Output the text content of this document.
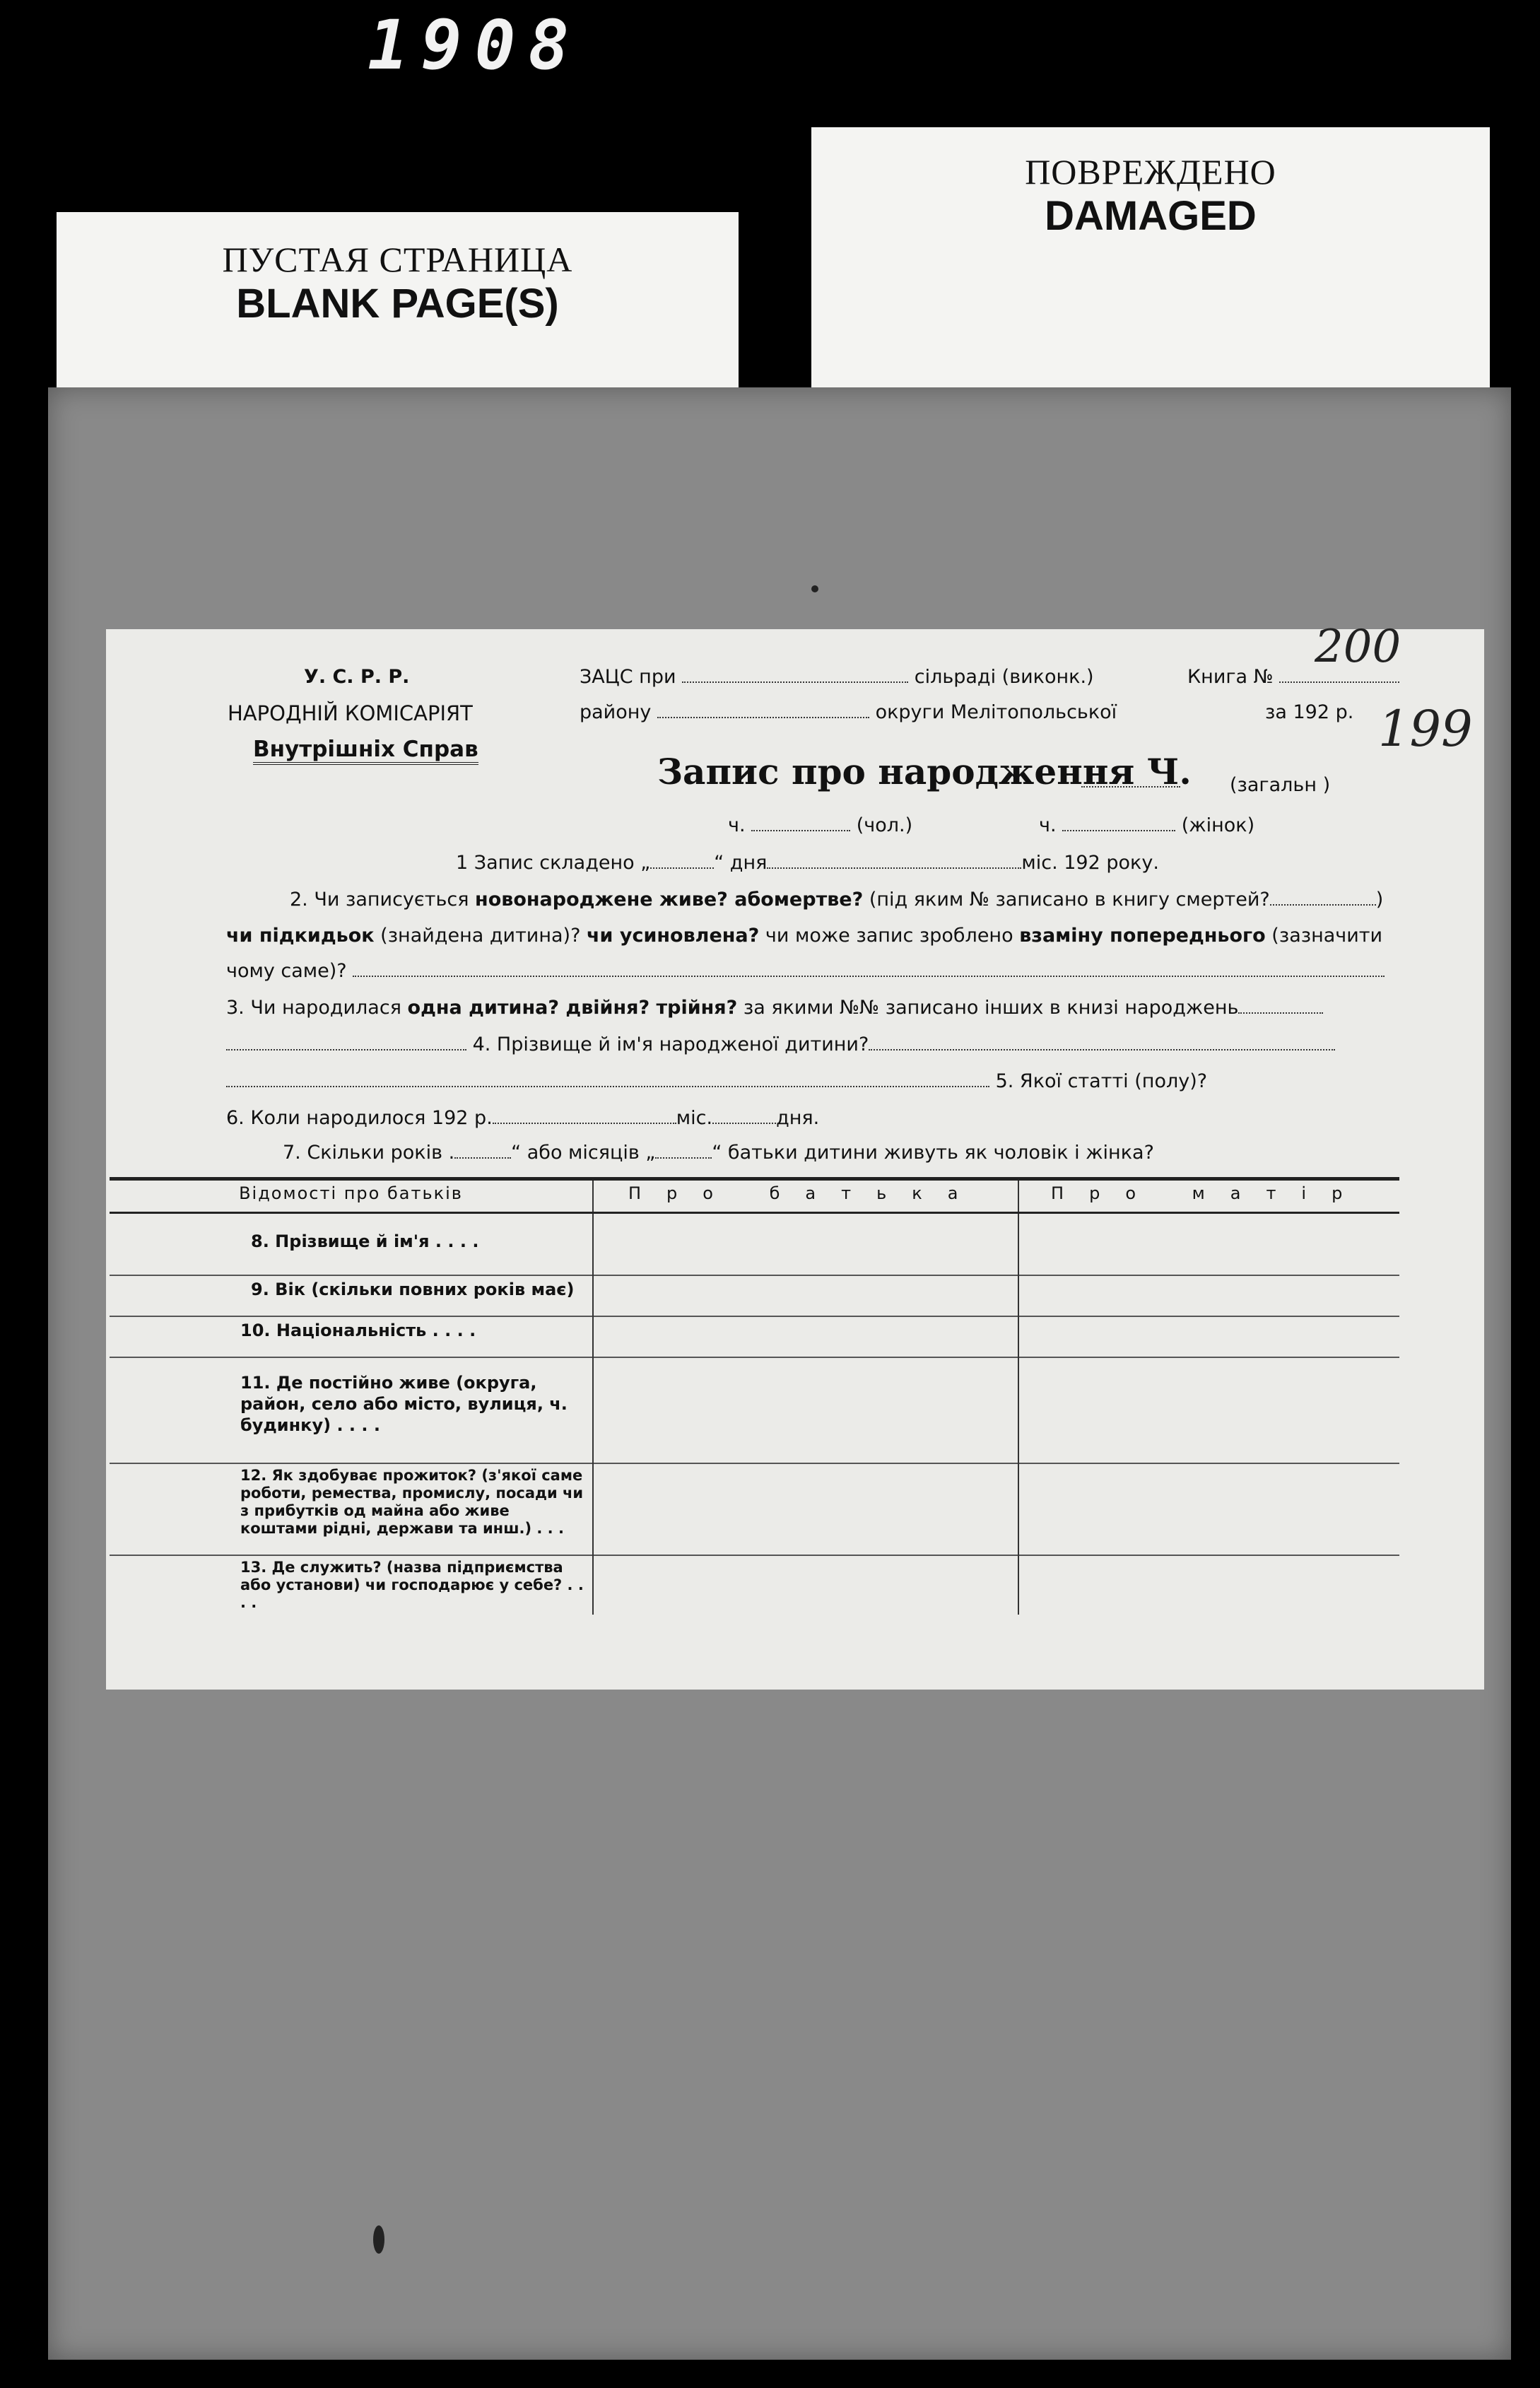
1908
ПУСТАЯ СТРАНИЦА
BLANK PAGE(S)
ПОВРЕЖДЕНО
DAMAGED
У. С. Р. Р.
НАРОДНІЙ КОМІСАРІЯТ
Внутрішніх Справ
ЗАЦС при	сільраді (виконк.)	Книга №
району	округи Мелітопольської	за 192 р.
Запис про народження Ч. (загальн )
ч.	(чол.)	ч.	(жінок)
1 Запис складено „	“ дня	міс. 192 року.
2. Чи записується новонароджене живе? абомертве? (під яким № записано в книгу смертей?	)
чи підкидьок (знайдена дитина)? чи усиновлена? чи може запис зроблено взаміну попереднього (зазначити
чому саме)?
3. Чи народилася одна дитина? двійня? трійня? за якими №№ записано інших в книзі народжень
4. Прізвище й ім'я народженої дитини?
5. Якої статті (полу)?
6. Коли народилося 192 р.	міс.	дня.
7. Скільки років .	“ або місяців „	“ батьки дитини живуть як чоловік і жінка?
200
199
Відомості про батьків	Про батька	Про матір
8. Прізвище й ім'я . . . .		
9. Вік (скільки повних років має)		
10. Національність . . . .		
11. Де постійно живе (округа, район, село або місто, вулиця, ч. будинку) . . . .		
12. Як здобуває прожиток? (з'якої саме роботи, ремества, промислу, посади чи з прибутків од майна або живе коштами рідні, держави та инш.) . . .		
13. Де служить? (назва підприємства або установи) чи господарює у себе? . . . .		
